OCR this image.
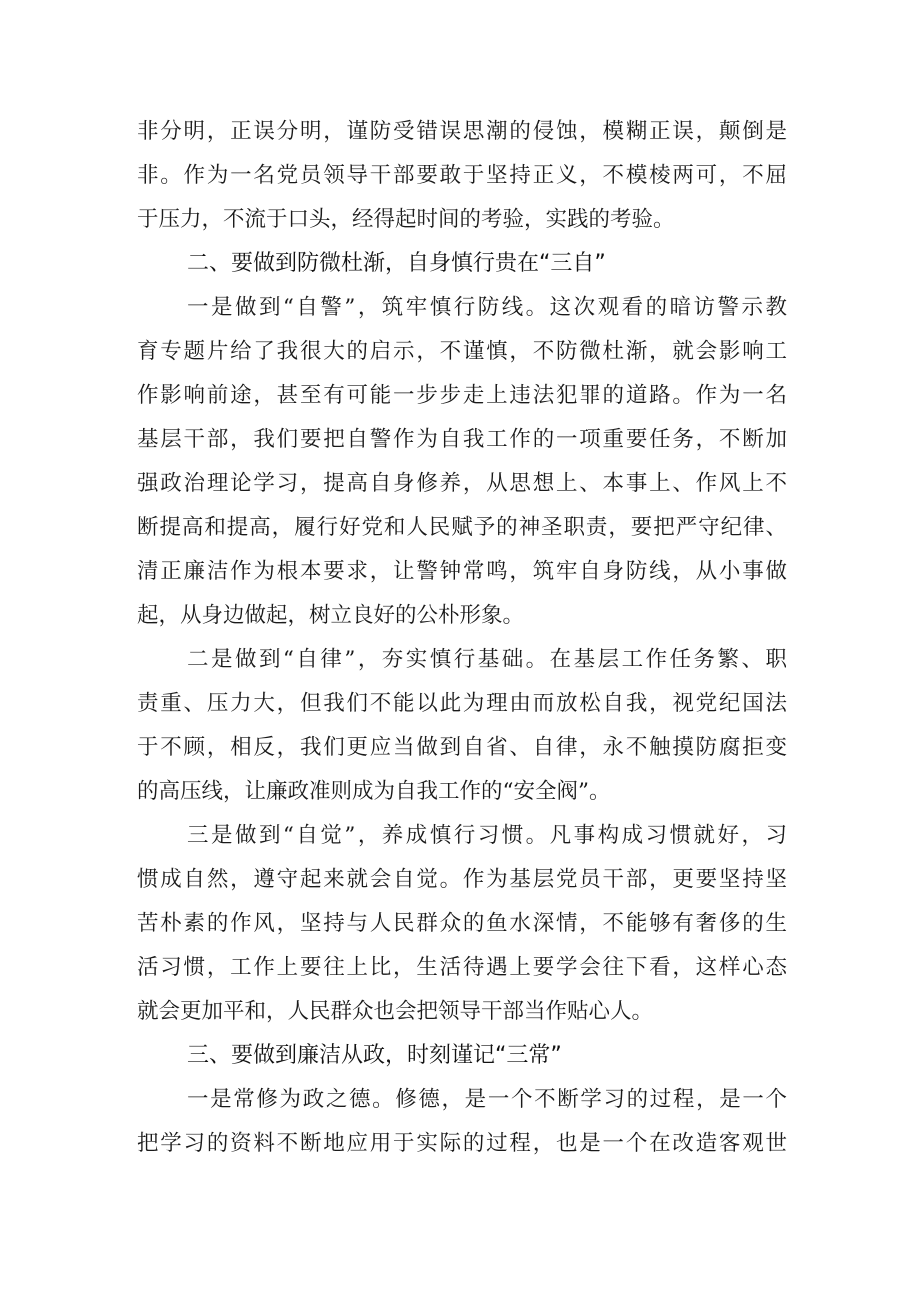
非分明，正误分明，谨防受错误思潮的侵蚀，模糊正误，颠倒是
非。作为一名党员领导干部要敢于坚持正义，不模棱两可，不屈
于压力，不流于口头，经得起时间的考验，实践的考验。
二、要做到防微杜渐，自身慎行贵在“三自”
一是做到“自警”，筑牢慎行防线。这次观看的暗访警示教
育专题片给了我很大的启示，不谨慎，不防微杜渐，就会影响工
作影响前途，甚至有可能一步步走上违法犯罪的道路。作为一名
基层干部，我们要把自警作为自我工作的一项重要任务，不断加
强政治理论学习，提高自身修养，从思想上、本事上、作风上不
断提高和提高，履行好党和人民赋予的神圣职责，要把严守纪律、
清正廉洁作为根本要求，让警钟常鸣，筑牢自身防线，从小事做
起，从身边做起，树立良好的公朴形象。
二是做到“自律”，夯实慎行基础。在基层工作任务繁、职
责重、压力大，但我们不能以此为理由而放松自我，视党纪国法
于不顾，相反，我们更应当做到自省、自律，永不触摸防腐拒变
的高压线，让廉政准则成为自我工作的“安全阀”。
三是做到“自觉”，养成慎行习惯。凡事构成习惯就好，习
惯成自然，遵守起来就会自觉。作为基层党员干部，更要坚持坚
苦朴素的作风，坚持与人民群众的鱼水深情，不能够有奢侈的生
活习惯，工作上要往上比，生活待遇上要学会往下看，这样心态
就会更加平和，人民群众也会把领导干部当作贴心人。
三、要做到廉洁从政，时刻谨记“三常”
一是常修为政之德。修德，是一个不断学习的过程，是一个
把学习的资料不断地应用于实际的过程，也是一个在改造客观世
